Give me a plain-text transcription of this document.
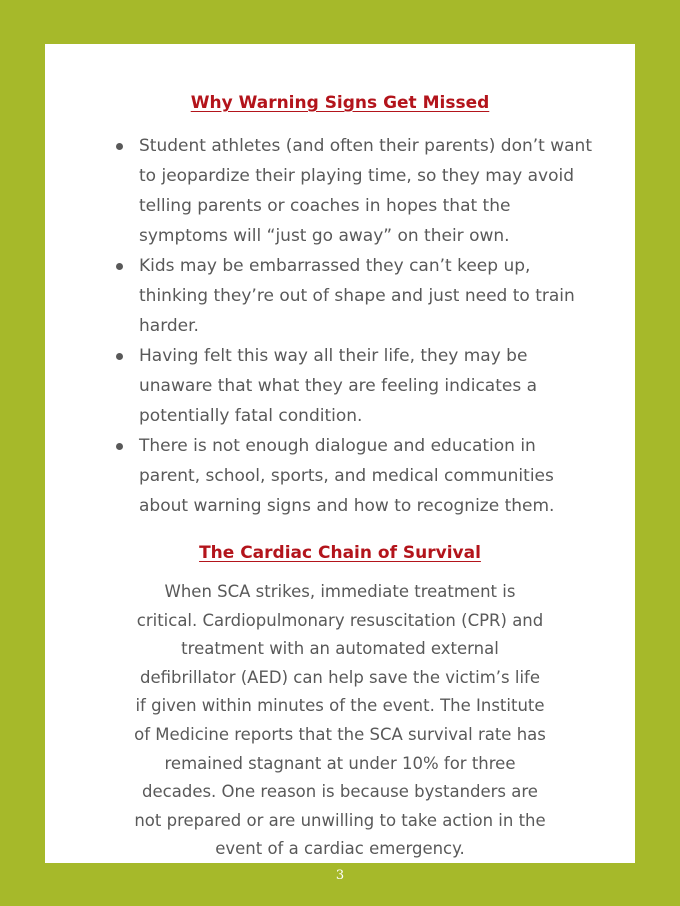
Why Warning Signs Get Missed
Student athletes (and often their parents) don’t want to jeopardize their playing time, so they may avoid telling parents or coaches in hopes that the symptoms will “just go away” on their own.
Kids may be embarrassed they can’t keep up, thinking they’re out of shape and just need to train harder.
Having felt this way all their life, they may be unaware that what they are feeling indicates a potentially fatal condition.
There is not enough dialogue and education in parent, school, sports, and medical communities about warning signs and how to recognize them.
The Cardiac Chain of Survival

When SCA strikes, immediate treatment is critical. Cardiopulmonary resuscitation (CPR) and treatment with an automated external defibrillator (AED) can help save the victim’s life if given within minutes of the event. The Institute of Medicine reports that the SCA survival rate has remained stagnant at under 10% for three decades. One reason is because bystanders are not prepared or are unwilling to take action in the event of a cardiac emergency.

3
